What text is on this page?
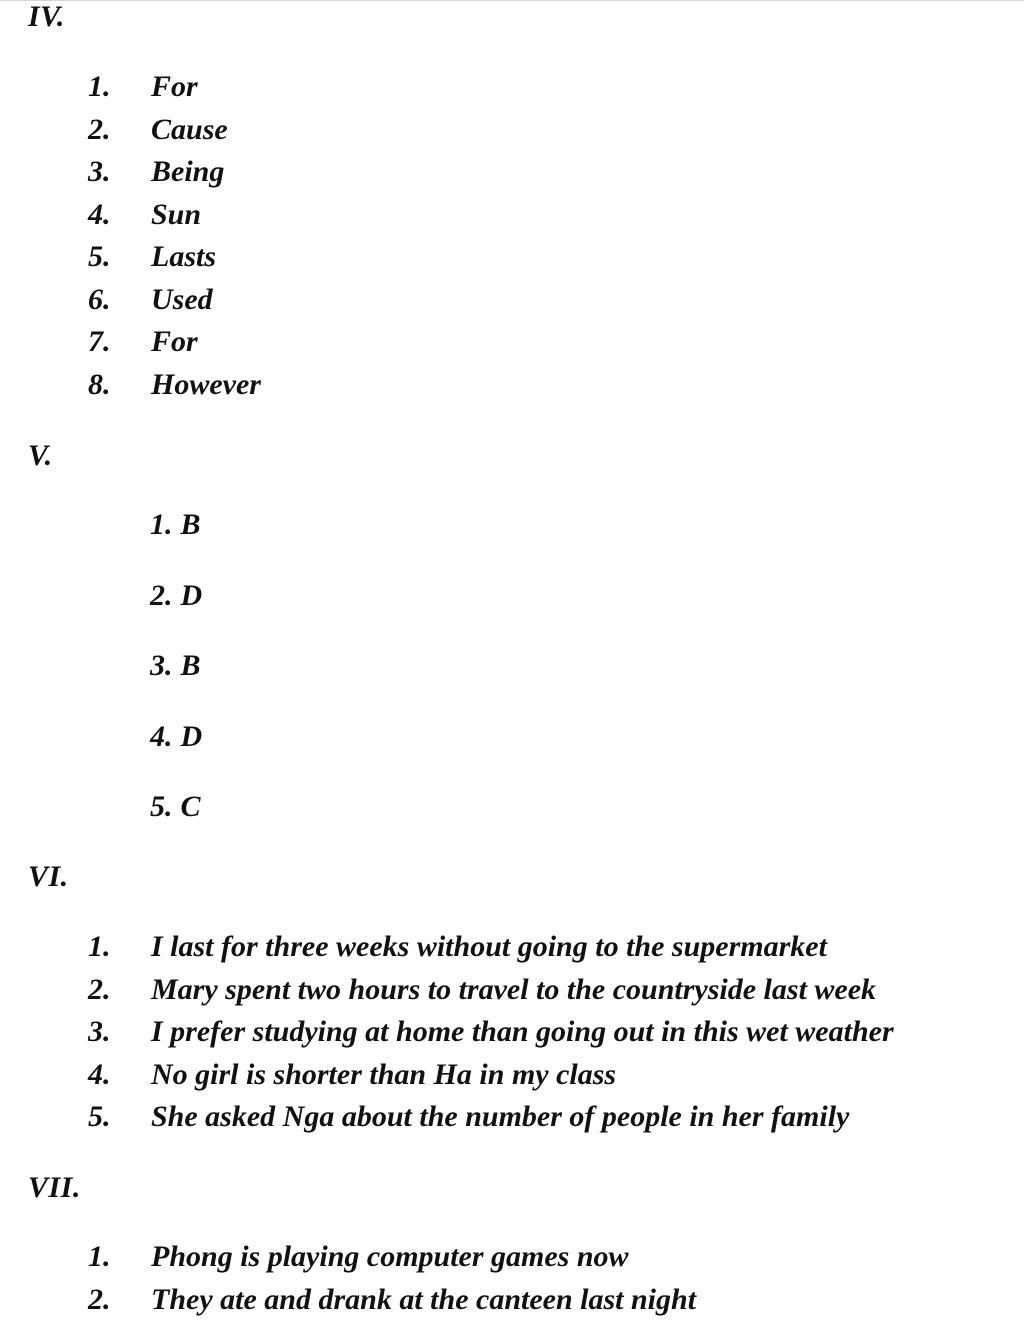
IV.
1.	For
2.	Cause
3.	Being
4.	Sun
5.	Lasts
6.	Used
7.	For
8.	However
V.
1. B
2. D
3. B
4. D
5. C
VI.
1.	I last for three weeks without going to the supermarket
2.	Mary spent two hours to travel to the countryside last week
3.	I prefer studying at home than going out in this wet weather
4.	No girl is shorter than Ha in my class
5.	She asked Nga about the number of people in her family
VII.
1.	Phong is playing computer games now
2.	They ate and drank at the canteen last night
